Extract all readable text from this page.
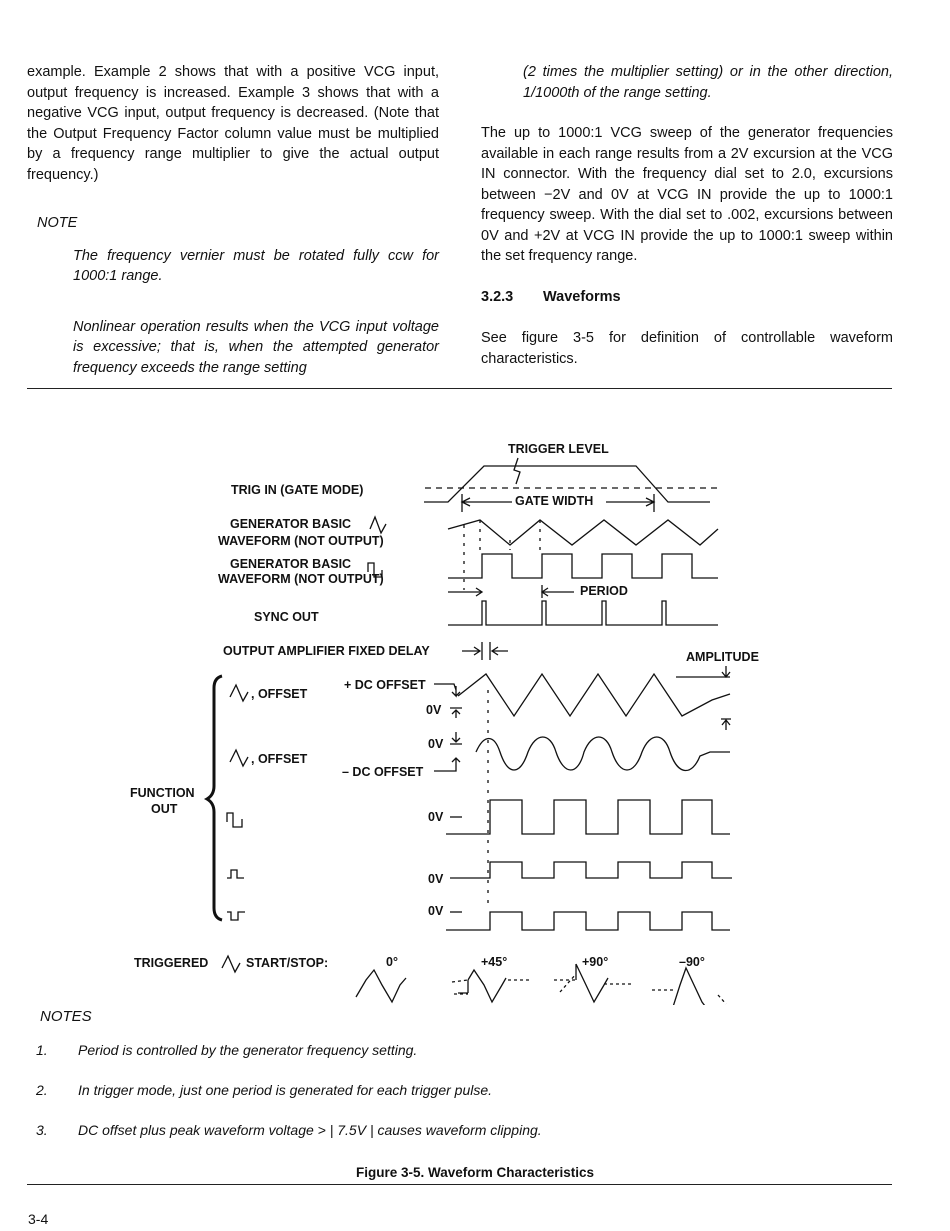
example. Example 2 shows that with a positive VCG input, output frequency is increased. Example 3 shows that with a negative VCG input, output frequency is decreased. (Note that the Output Frequency Factor column value must be multiplied by a frequency range multiplier to give the actual output frequency.)

NOTE

The frequency vernier must be rotated fully ccw for 1000:1 range.

Nonlinear operation results when the VCG input voltage is excessive; that is, when the attempted generator frequency exceeds the range setting

(2 times the multiplier setting) or in the other direction, 1/1000th of the range setting.

The up to 1000:1 VCG sweep of the generator frequencies available in each range results from a 2V excursion at the VCG IN connector. With the frequency dial set to 2.0, excursions between −2V and 0V at VCG IN provide the up to 1000:1 frequency sweep. With the dial set to .002, excursions between 0V and +2V at VCG IN provide the up to 1000:1 sweep within the set frequency range.

3.2.3 Waveforms

See figure 3-5 for definition of controllable waveform characteristics.

TRIGGER LEVEL
TRIG IN (GATE MODE)
GENERATOR BASIC
WAVEFORM (NOT OUTPUT)
GENERATOR BASIC
WAVEFORM (NOT OUTPUT)
SYNC OUT
OUTPUT AMPLIFIER FIXED DELAY	AMPLITUDE
+ DC OFFSET
– DC OFFSET
, OFFSET
, OFFSET
FUNCTION
OUT
0V
0V
0V
0V
0V
TRIGGERED	START/STOP:	0°	+45°	+90°	–90°
GATE WIDTH
PERIOD
NOTES
1.	Period is controlled by the generator frequency setting.
2.	In trigger mode, just one period is generated for each trigger pulse.
3.	DC offset plus peak waveform voltage > | 7.5V | causes waveform clipping.
Figure 3-5. Waveform Characteristics
3-4
